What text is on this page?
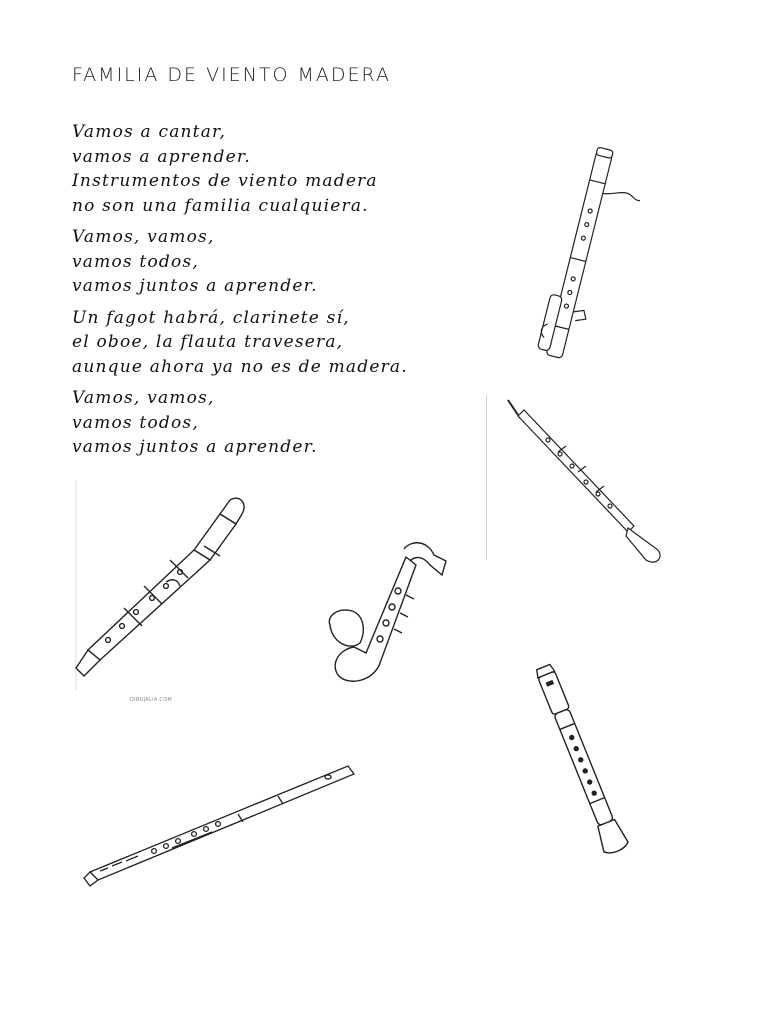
FAMILIA DE VIENTO MADERA
Vamos a cantar,
vamos a aprender.
Instrumentos de viento madera
no son una familia cualquiera.
Vamos, vamos,
vamos todos,
vamos juntos a aprender.
Un fagot habrá, clarinete sí,
el oboe, la flauta travesera,
aunque ahora ya no es de madera.
Vamos, vamos,
vamos todos,
vamos juntos a aprender.
DIBUJALIA.COM
